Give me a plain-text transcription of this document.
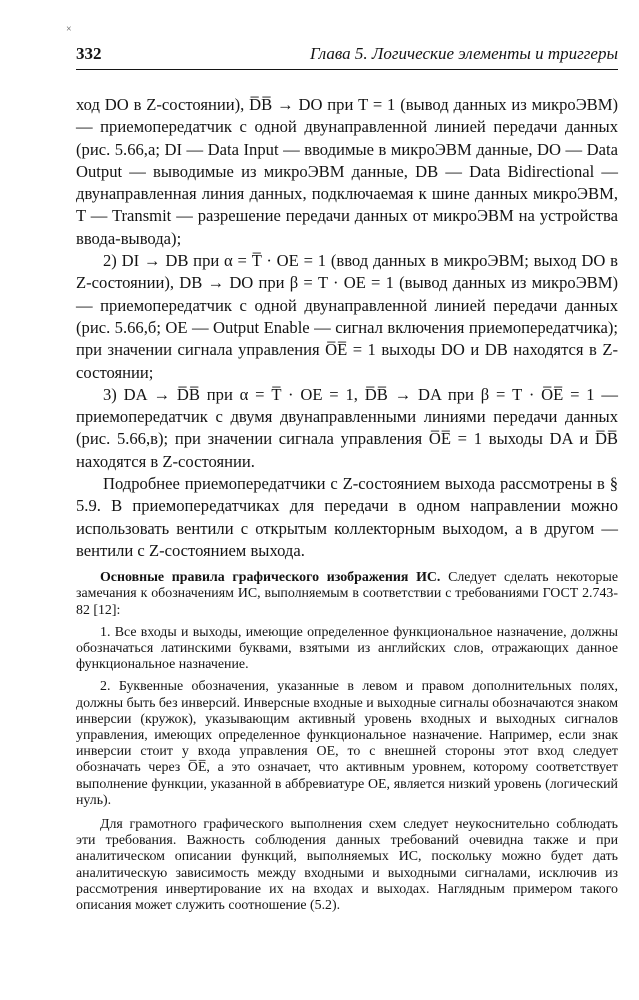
×
332	Глава 5. Логические элементы и триггеры

ход DO в Z-состоянии), D̅B̅ → DO при T = 1 (вывод данных из микроЭВМ) — приемопередатчик с одной двунаправленной линией передачи данных (рис. 5.66,а; DI — Data Input — вводимые в микроЭВМ данные, DO — Data Output — выводимые из микроЭВМ данные, DB — Data Bidirectional — двунаправленная линия данных, подключаемая к шине данных микроЭВМ, T — Transmit — разрешение передачи данных от микроЭВМ на устройства ввода-вывода);

2) DI → DB при α = T̅ · OE = 1 (ввод данных в микроЭВМ; выход DO в Z-состоянии), DB → DO при β = T · OE = 1 (вывод данных из микроЭВМ) — приемопередатчик с одной двунаправленной линией передачи данных (рис. 5.66,б; OE — Output Enable — сигнал включения приемопередатчика); при значении сигнала управления O̅E̅ = 1 выходы DO и DB находятся в Z-состоянии;

3) DA → D̅B̅ при α = T̅ · OE = 1, D̅B̅ → DA при β = T · O̅E̅ = 1 — приемопередатчик с двумя двунаправленными линиями передачи данных (рис. 5.66,в); при значении сигнала управления O̅E̅ = 1 выходы DA и D̅B̅ находятся в Z-состоянии.

Подробнее приемопередатчики с Z-состоянием выхода рассмотрены в § 5.9. В приемопередатчиках для передачи в одном направлении можно использовать вентили с открытым коллекторным выходом, а в другом — вентили с Z-состоянием выхода.

Основные правила графического изображения ИС. Следует сделать некоторые замечания к обозначениям ИС, выполняемым в соответствии с требованиями ГОСТ 2.743-82 [12]:

1. Все входы и выходы, имеющие определенное функциональное назначение, должны обозначаться латинскими буквами, взятыми из английских слов, отражающих данное функциональное назначение.

2. Буквенные обозначения, указанные в левом и правом дополнительных полях, должны быть без инверсий. Инверсные входные и выходные сигналы обозначаются знаком инверсии (кружок), указывающим активный уровень входных и выходных сигналов управления, имеющих определенное функциональное назначение. Например, если знак инверсии стоит у входа управления OE, то с внешней стороны этот вход следует обозначать через O̅E̅, а это означает, что активным уровнем, которому соответствует выполнение функции, указанной в аббревиатуре OE, является низкий уровень (логический нуль).

Для грамотного графического выполнения схем следует неукоснительно соблюдать эти требования. Важность соблюдения данных требований очевидна также и при аналитическом описании функций, выполняемых ИС, поскольку можно будет дать аналитическую зависимость между входными и выходными сигналами, исключив из рассмотрения инвертирование их на входах и выходах. Наглядным примером такого описания может служить соотношение (5.2).
